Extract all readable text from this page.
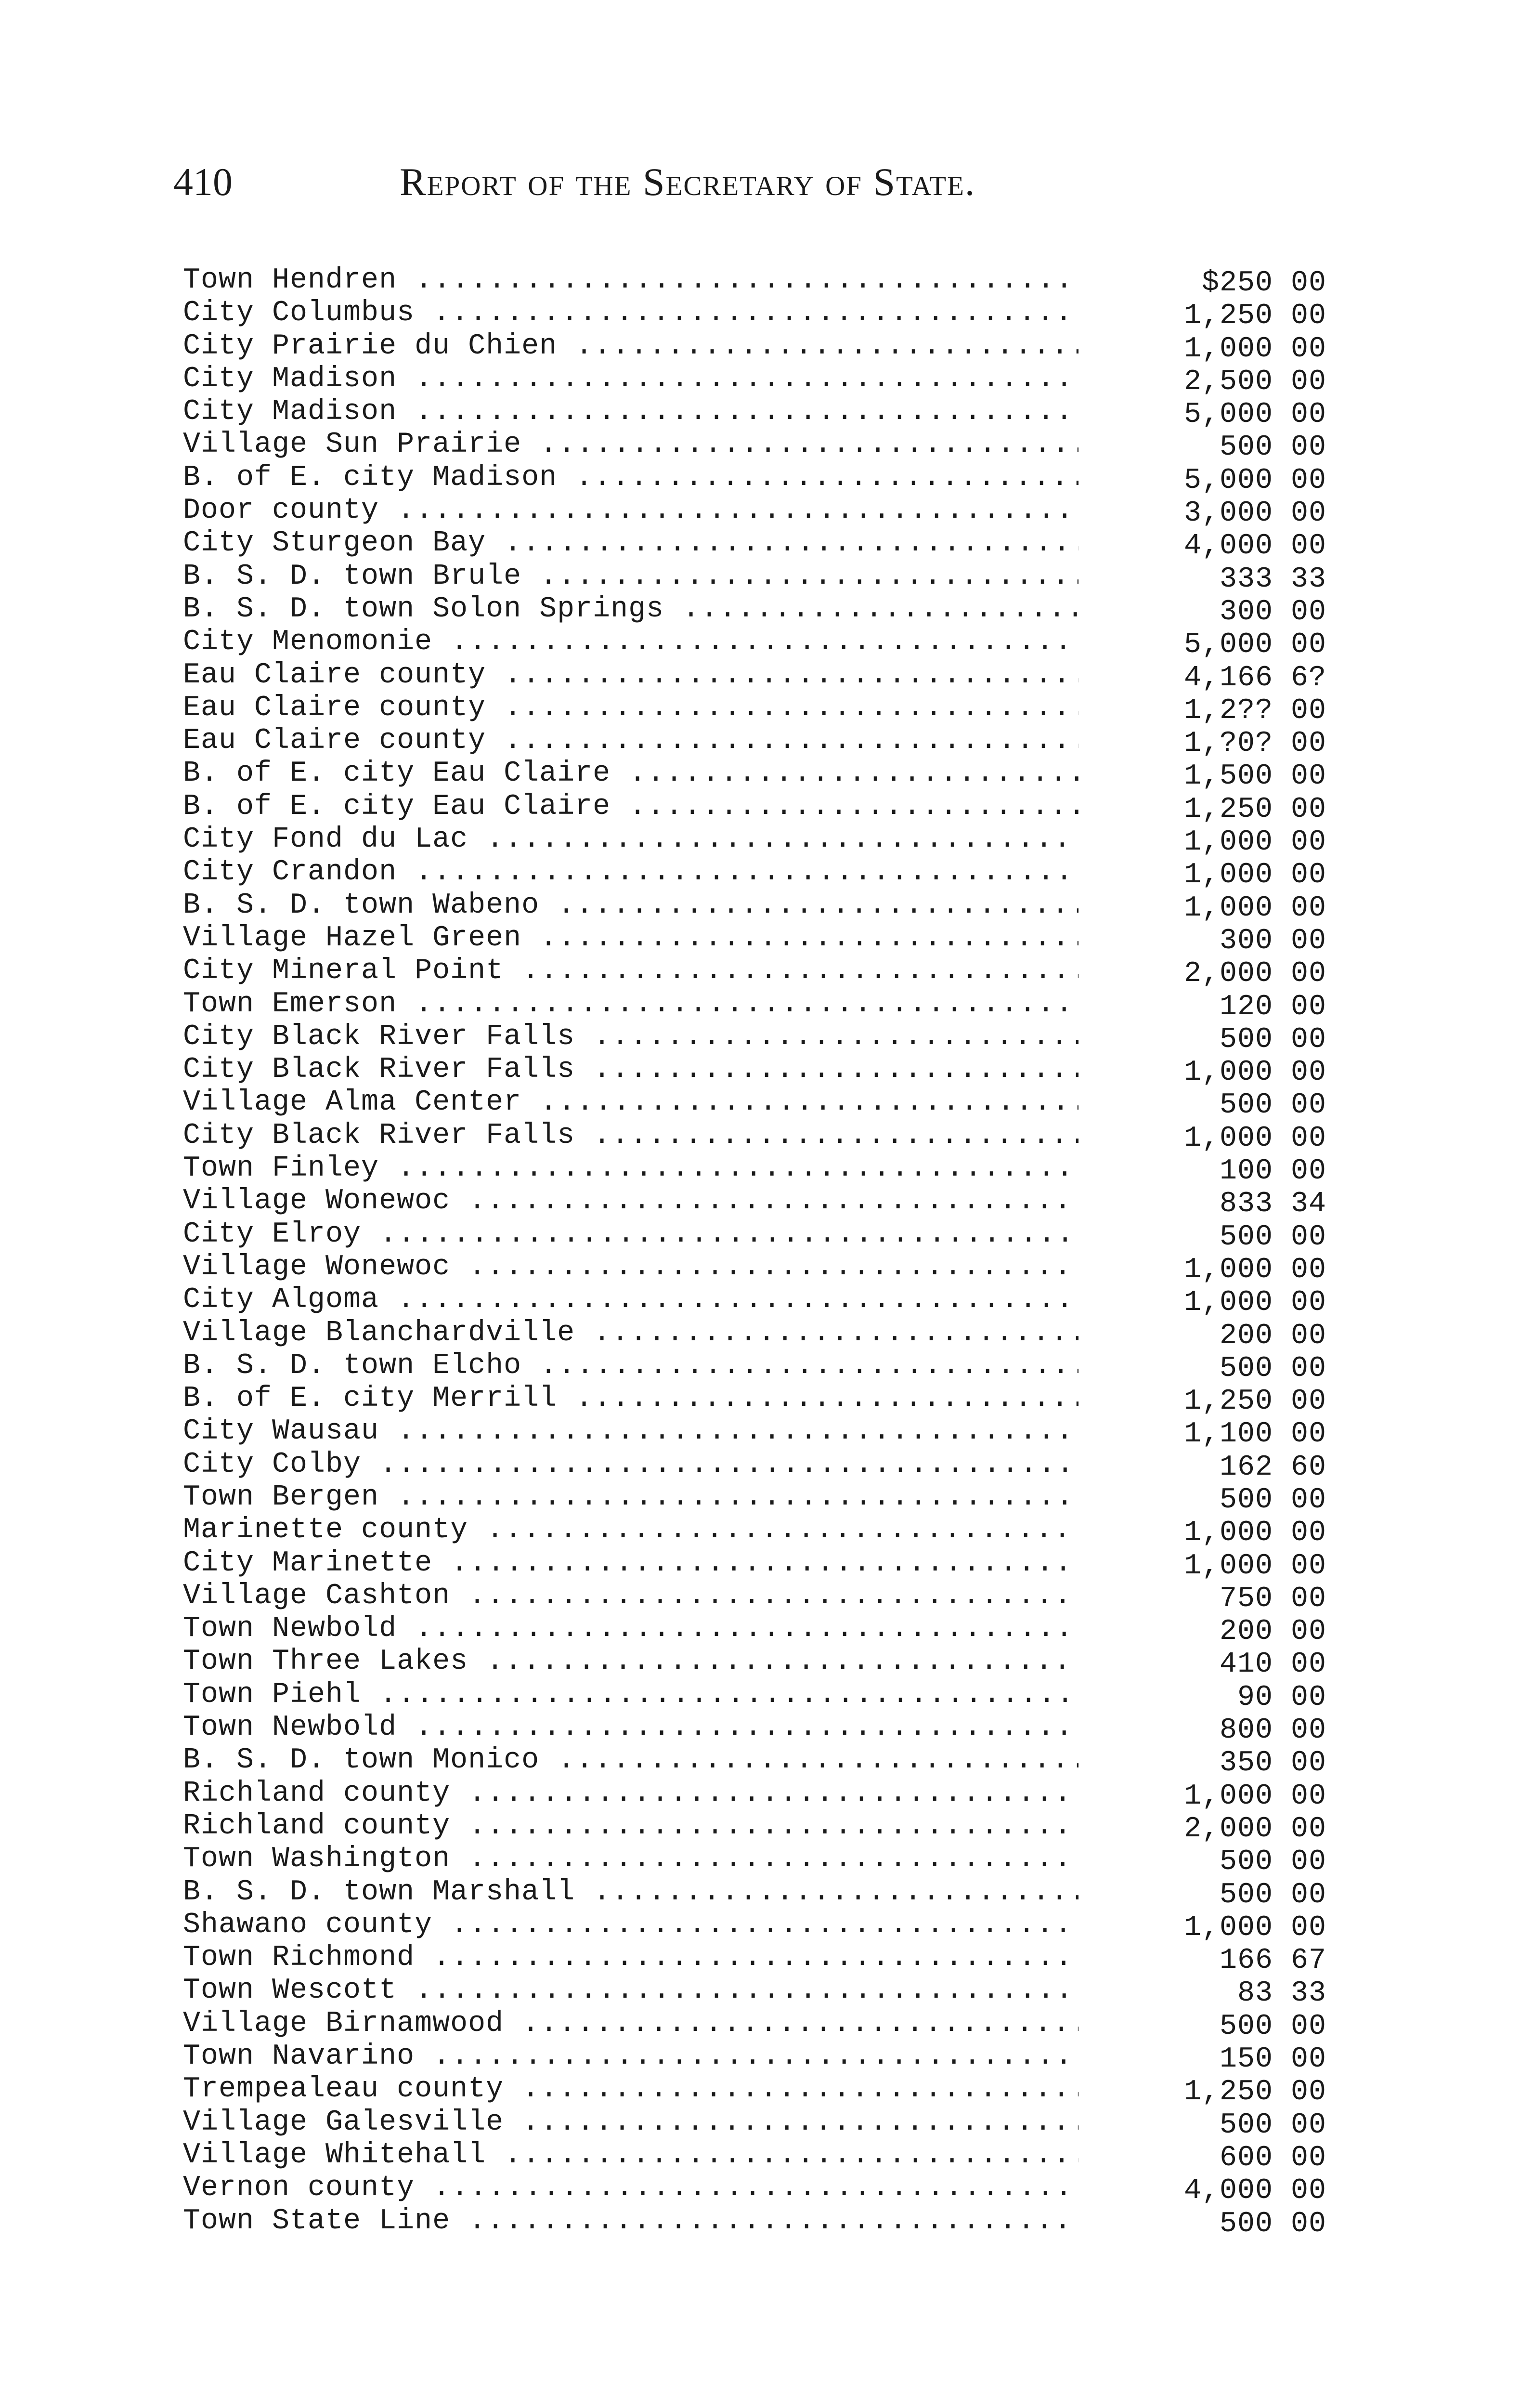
410	Report of the Secretary of State.
Town Hendren .....	$250 00
City Columbus .....	1,250 00
City Prairie du Chien .....	1,000 00
City Madison .....	2,500 00
City Madison .....	5,000 00
Village Sun Prairie .....	500 00
B. of E. city Madison .....	5,000 00
Door county .....	3,000 00
City Sturgeon Bay .....	4,000 00
B. S. D. town Brule .....	333 33
B. S. D. town Solon Springs .....	300 00
City Menomonie .....	5,000 00
Eau Claire county .....	4,166 6?
Eau Claire county .....	1,2?? 00
Eau Claire county .....	1,?0? 00
B. of E. city Eau Claire .....	1,500 00
B. of E. city Eau Claire .....	1,250 00
City Fond du Lac .....	1,000 00
City Crandon .....	1,000 00
B. S. D. town Wabeno .....	1,000 00
Village Hazel Green .....	300 00
City Mineral Point .....	2,000 00
Town Emerson .....	120 00
City Black River Falls .....	500 00
City Black River Falls .....	1,000 00
Village Alma Center .....	500 00
City Black River Falls .....	1,000 00
Town Finley .....	100 00
Village Wonewoc .....	833 34
City Elroy .....	500 00
Village Wonewoc .....	1,000 00
City Algoma .....	1,000 00
Village Blanchardville .....	200 00
B. S. D. town Elcho .....	500 00
B. of E. city Merrill .....	1,250 00
City Wausau .....	1,100 00
City Colby .....	162 60
Town Bergen .....	500 00
Marinette county .....	1,000 00
City Marinette .....	1,000 00
Village Cashton .....	750 00
Town Newbold .....	200 00
Town Three Lakes .....	410 00
Town Piehl .....	90 00
Town Newbold .....	800 00
B. S. D. town Monico .....	350 00
Richland county .....	1,000 00
Richland county .....	2,000 00
Town Washington .....	500 00
B. S. D. town Marshall .....	500 00
Shawano county .....	1,000 00
Town Richmond .....	166 67
Town Wescott .....	83 33
Village Birnamwood .....	500 00
Town Navarino .....	150 00
Trempealeau county .....	1,250 00
Village Galesville .....	500 00
Village Whitehall .....	600 00
Vernon county .....	4,000 00
Town State Line .....	500 00
